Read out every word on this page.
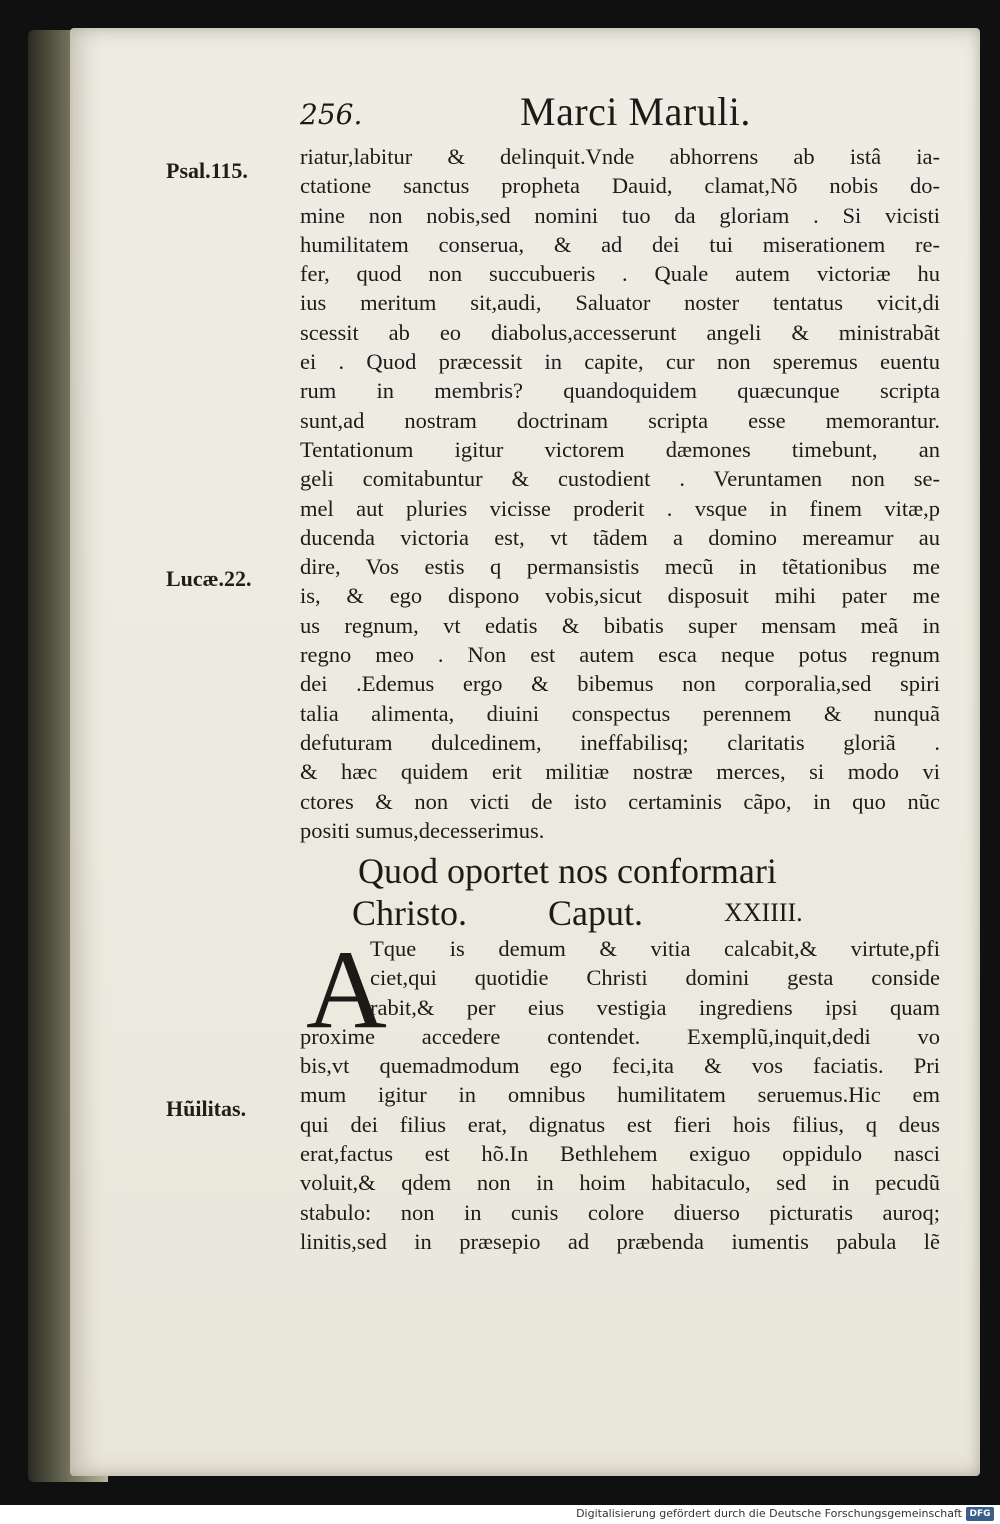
256.	Marci Maruli.
Psal.115.
Lucæ.22.
Hũilitas.
riatur,labitur & delinquit.Vnde abhorrens ab istâ ia-
ctatione sanctus propheta Dauid, clamat,Nõ nobis do-
mine non nobis,sed nomini tuo da gloriam . Si vicisti
humilitatem conserua, & ad dei tui miserationem re-
fer, quod non succubueris . Quale autem victoriæ hu
ius meritum sit,audi, Saluator noster tentatus vicit,di
scessit ab eo diabolus,accesserunt angeli & ministrabãt
ei . Quod præcessit in capite, cur non speremus euentu
rum in membris? quandoquidem quæcunque scripta
sunt,ad nostram doctrinam scripta esse memorantur.
Tentationum igitur victorem dæmones timebunt, an
geli comitabuntur & custodient . Veruntamen non se-
mel aut pluries vicisse proderit . vsque in finem vitæ,p
ducenda victoria est, vt tãdem a domino mereamur au
dire, Vos estis q permansistis mecũ in tẽtationibus me
is, & ego dispono vobis,sicut disposuit mihi pater me
us regnum, vt edatis & bibatis super mensam meã in
regno meo . Non est autem esca neque potus regnum
dei .Edemus ergo & bibemus non corporalia,sed spiri
talia alimenta, diuini conspectus perennem & nunquã
defuturam dulcedinem, ineffabilisq; claritatis gloriã .
& hæc quidem erit militiæ nostræ merces, si modo vi
ctores & non victi de isto certaminis cãpo, in quo nũc
positi sumus,decesserimus.
Quod oportet nos conformari
Christo. Caput.	XXIIII.
A
Tque is demum & vitia calcabit,& virtute,pfi
ciet,qui quotidie Christi domini gesta conside
rabit,& per eius vestigia ingrediens ipsi quam
proxime accedere contendet. Exemplũ,inquit,dedi vo
bis,vt quemadmodum ego feci,ita & vos faciatis. Pri
mum igitur in omnibus humilitatem seruemus.Hic em
qui dei filius erat, dignatus est fieri hois filius, q deus
erat,factus est hõ.In Bethlehem exiguo oppidulo nasci
voluit,& qdem non in hoim habitaculo, sed in pecudũ
stabulo: non in cunis colore diuerso picturatis auroq;
linitis,sed in præsepio ad præbenda iumentis pabula lẽ
Digitalisierung gefördert durch die Deutsche Forschungsgemeinschaft DFG
